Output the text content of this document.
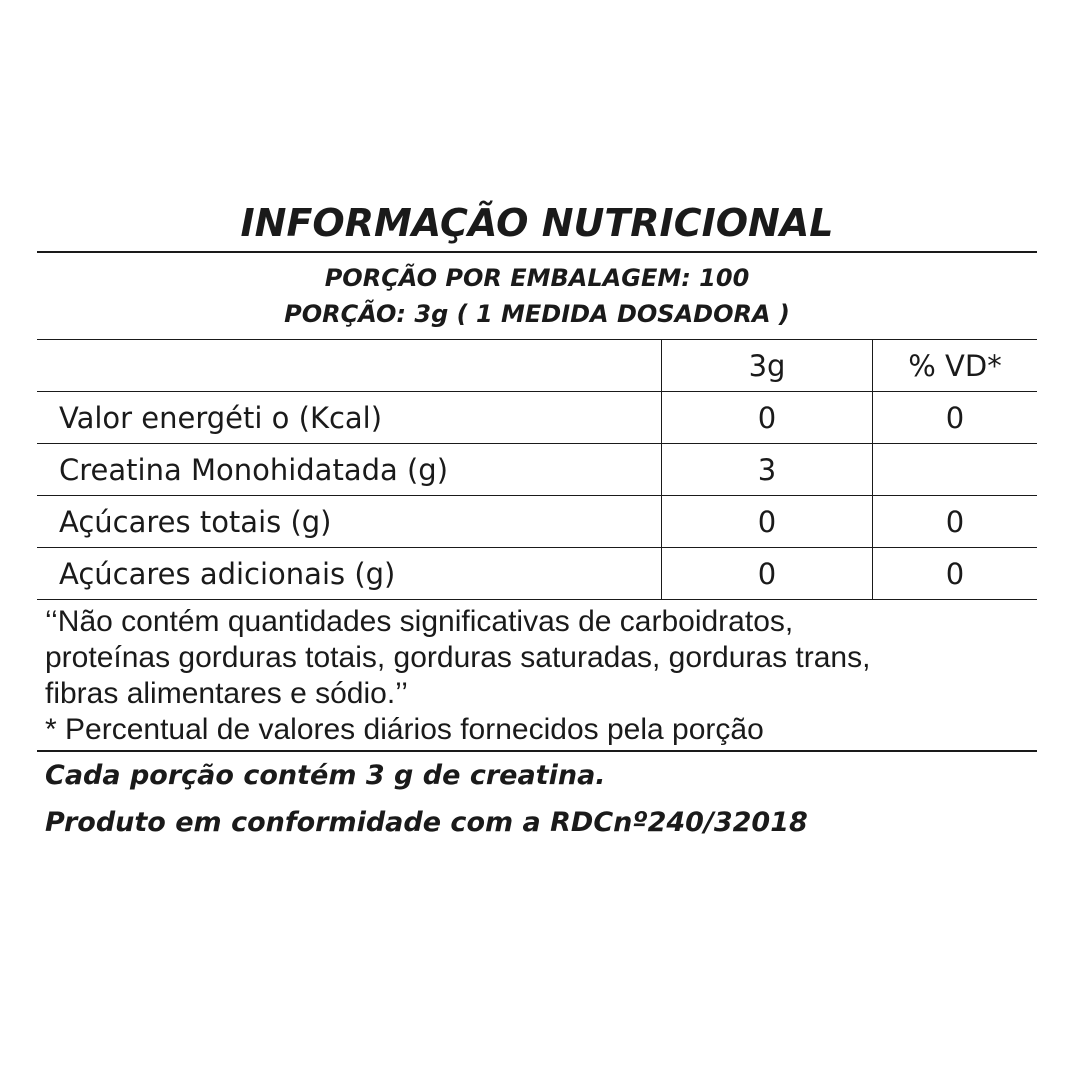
INFORMAÇÃO NUTRICIONAL
PORÇÃO POR EMBALAGEM: 100
PORÇÃO: 3g ( 1 MEDIDA DOSADORA )
	3g	% VD*
Valor energéti o (Kcal)	0	0
Creatina Monohidatada (g)	3	
Açúcares totais (g)	0	0
Açúcares adicionais (g)	0	0
‘‘Não contém quantidades significativas de carboidratos,
proteínas gorduras totais, gorduras saturadas, gorduras trans,
fibras alimentares e sódio.’’
* Percentual de valores diários fornecidos pela porção
Cada porção contém 3 g de creatina.
Produto em conformidade com a RDCnº240/32018
